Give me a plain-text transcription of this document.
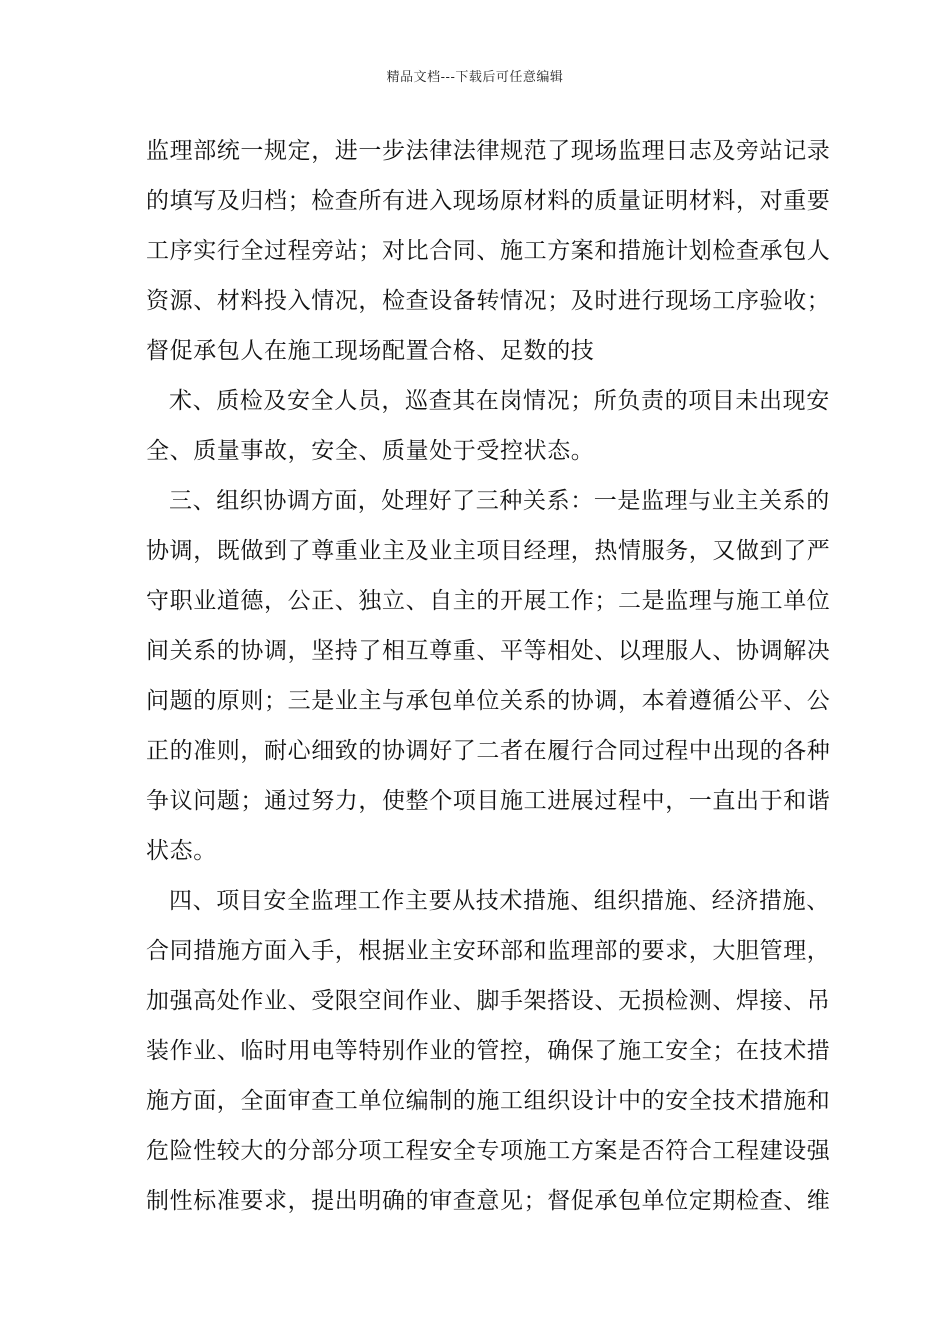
精品文档---下载后可任意编辑
监理部统一规定，进一步法律法律规范了现场监理日志及旁站记录
的填写及归档；检查所有进入现场原材料的质量证明材料，对重要
工序实行全过程旁站；对比合同、施工方案和措施计划检查承包人
资源、材料投入情况，检查设备转情况；及时进行现场工序验收；
督促承包人在施工现场配置合格、足数的技
术、质检及安全人员，巡查其在岗情况；所负责的项目未出现安
全、质量事故，安全、质量处于受控状态。
三、组织协调方面，处理好了三种关系：一是监理与业主关系的
协调，既做到了尊重业主及业主项目经理，热情服务，又做到了严
守职业道德，公正、独立、自主的开展工作；二是监理与施工单位
间关系的协调，坚持了相互尊重、平等相处、以理服人、协调解决
问题的原则；三是业主与承包单位关系的协调，本着遵循公平、公
正的准则，耐心细致的协调好了二者在履行合同过程中出现的各种
争议问题；通过努力，使整个项目施工进展过程中，一直出于和谐
状态。
四、项目安全监理工作主要从技术措施、组织措施、经济措施、
合同措施方面入手，根据业主安环部和监理部的要求，大胆管理，
加强高处作业、受限空间作业、脚手架搭设、无损检测、焊接、吊
装作业、临时用电等特别作业的管控，确保了施工安全；在技术措
施方面，全面审查工单位编制的施工组织设计中的安全技术措施和
危险性较大的分部分项工程安全专项施工方案是否符合工程建设强
制性标准要求，提出明确的审查意见；督促承包单位定期检查、维
